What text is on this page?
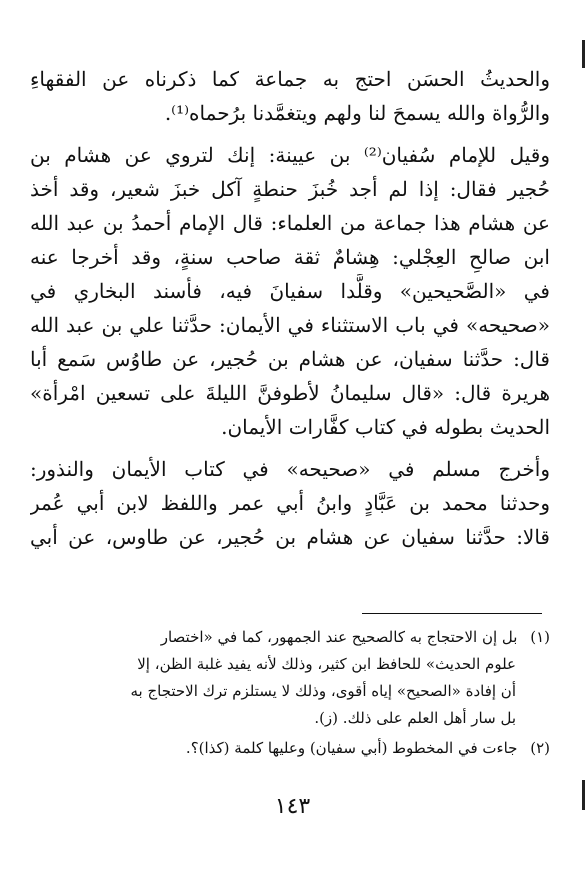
والحديثُ الحسَن احتج به جماعة كما ذكرناه عن الفقهاءِ
والرُّواة والله يسمحَ لنا ولهم ويتغمَّدنا برُحماه⁽¹⁾.

وقيل للإمام سُفيان⁽²⁾ بن عيينة: إنك لتروي عن هشام بن
حُجير فقال: إذا لم أجد خُبزَ حنطةٍ آكل خبزَ شعير، وقد أخذ
عن هشام هذا جماعة من العلماء: قال الإمام أحمدُ بن عبد الله
ابن صالحِ العِجْلي: هِشامٌ ثقة صاحب سنةٍ، وقد أخرجا عنه
في «الصَّحيحين» وقلَّدا سفيانَ فيه، فأسند البخاري في
«صحيحه» في باب الاستثناء في الأيمان: حدَّثنا علي بن عبد الله
قال: حدَّثنا سفيان، عن هشام بن حُجير، عن طاوُس سَمع أبا
هريرة قال: «قال سليمانُ لأطوفنَّ الليلةَ على تسعين امْرأة»
الحديث بطوله في كتاب كفَّارات الأيمان.

وأخرج مسلم في «صحيحه» في كتاب الأيمان والنذور:
وحدثنا محمد بن عَبَّادٍ وابنُ أبي عمر واللفظ لابن أبي عُمر
قالا: حدَّثنا سفيان عن هشام بن حُجير، عن طاوس، عن أبي

(١) بل إن الاحتجاج به كالصحيح عند الجمهور، كما في «اختصار
علوم الحديث» للحافظ ابن كثير، وذلك لأنه يفيد غلبة الظن، إلا
أن إفادة «الصحيح» إياه أقوى، وذلك لا يستلزم ترك الاحتجاج به
بل سار أهل العلم على ذلك. (ز).
(٢) جاءت في المخطوط (أبي سفيان) وعليها كلمة (كذا)؟.
١٤٣
